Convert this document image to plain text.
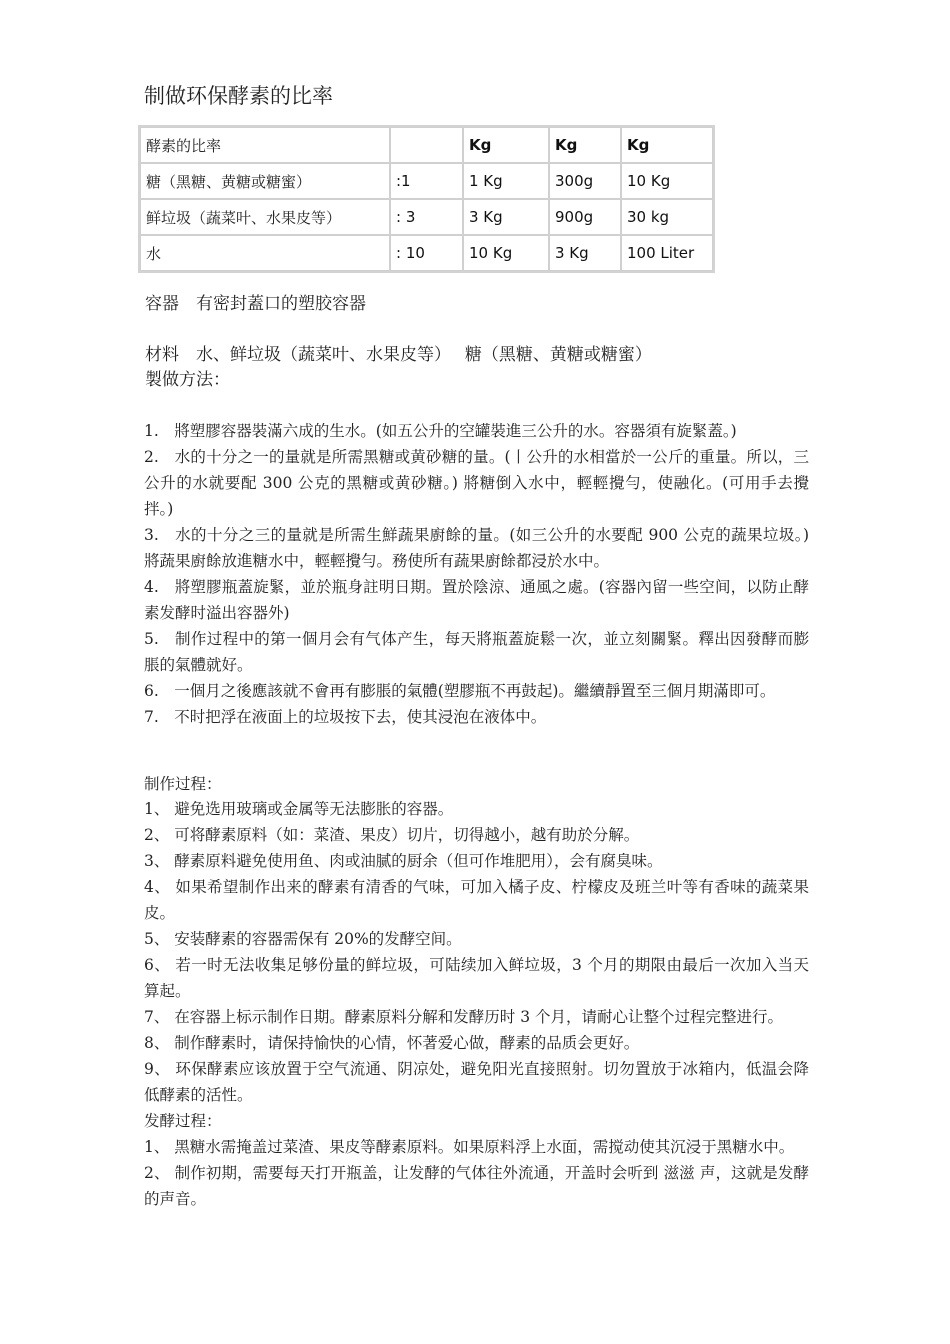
制做环保酵素的比率
酵素的比率		Kg	Kg	Kg
糖（黑糖、黄糖或糖蜜）	:1	1 Kg	300g	10 Kg
鲜垃圾（蔬菜叶、水果皮等）	: 3	3 Kg	900g	30 kg
水	: 10	10 Kg	3 Kg	100 Liter
容器　有密封蓋口的塑胶容器
材料　水、鲜垃圾（蔬菜叶、水果皮等）　 糖（黑糖、黄糖或糖蜜）
製做方法：

1.　將塑膠容器裝滿六成的生水。(如五公升的空罐裝進三公升的水。容器須有旋緊蓋。)

2.　水的十分之一的量就是所需黑糖或黄砂糖的量。(丨公升的水相當於一公斤的重量。所以，三公升的水就要配 300 公克的黑糖或黄砂糖。) 將糖倒入水中，輕輕攪勻，使融化。(可用手去攪拌。)

3.　水的十分之三的量就是所需生鮮蔬果廚餘的量。(如三公升的水要配 900 公克的蔬果垃圾。) 將蔬果廚餘放進糖水中，輕輕攪勻。務使所有蔬果廚餘都浸於水中。

4.　將塑膠瓶蓋旋緊，並於瓶身註明日期。置於陰涼、通風之處。(容器內留一些空间，以防止酵素发酵时溢出容器外)

5.　制作过程中的第一個月会有气体产生，每天將瓶蓋旋鬆一次，並立刻關緊。釋出因發酵而膨脹的氣體就好。

6.　一個月之後應該就不會再有膨脹的氣體(塑膠瓶不再鼓起)。繼續靜置至三個月期滿即可。

7.　不时把浮在液面上的垃圾按下去，使其浸泡在液体中。

制作过程：

1、 避免选用玻璃或金属等无法膨胀的容器。

2、 可将酵素原料（如：菜渣、果皮）切片，切得越小，越有助於分解。

3、 酵素原料避免使用鱼、肉或油腻的厨余（但可作堆肥用），会有腐臭味。

4、 如果希望制作出来的酵素有清香的气味，可加入橘子皮、柠檬皮及班兰叶等有香味的蔬菜果皮。

5、 安装酵素的容器需保有 20%的发酵空间。

6、 若一时无法收集足够份量的鲜垃圾，可陆续加入鲜垃圾，3 个月的期限由最后一次加入当天算起。

7、 在容器上标示制作日期。酵素原料分解和发酵历时 3 个月，请耐心让整个过程完整进行。

8、 制作酵素时，请保持愉快的心情，怀著爱心做，酵素的品质会更好。

9、 环保酵素应该放置于空气流通、阴凉处，避免阳光直接照射。切勿置放于冰箱内，低温会降低酵素的活性。

发酵过程：

1、 黑糖水需掩盖过菜渣、果皮等酵素原料。如果原料浮上水面，需搅动使其沉浸于黑糖水中。

2、 制作初期，需要每天打开瓶盖，让发酵的气体往外流通，开盖时会听到 滋滋 声，这就是发酵的声音。
